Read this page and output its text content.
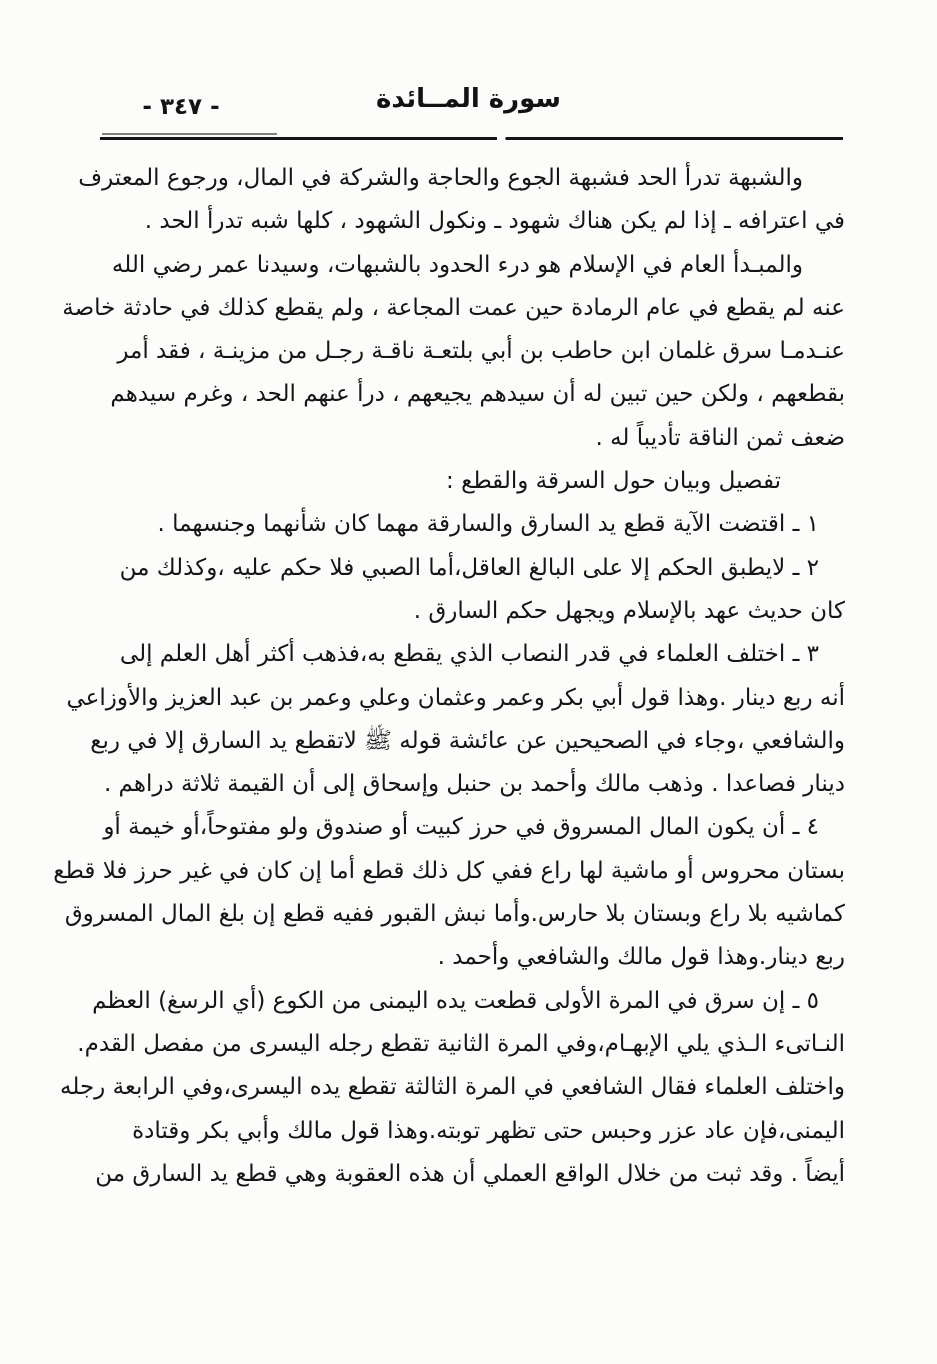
- ٣٤٧ -	سورة المــائدة
والشبهة تدرأ الحد فشبهة الجوع والحاجة والشركة في المال، ورجوع المعترف
في اعترافه ـ إذا لم يكن هناك شهود ـ ونكول الشهود ، كلها شبه تدرأ الحد .
والمبـدأ العام في الإسلام هو درء الحدود بالشبهات، وسيدنا عمر رضي الله
عنه لم يقطع في عام الرمادة حين عمت المجاعة ، ولم يقطع كذلك في حادثة خاصة
عنـدمـا سرق غلمان ابن حاطب بن أبي بلتعـة ناقـة رجـل من مزينـة ، فقد أمر
بقطعهم ، ولكن حين تبين له أن سيدهم يجيعهم ، درأ عنهم الحد ، وغرم سيدهم
ضعف ثمن الناقة تأديباً له .
تفصيل وبيان حول السرقة والقطع :
١ ـ اقتضت الآية قطع يد السارق والسارقة مهما كان شأنهما وجنسهما .
٢ ـ لايطبق الحكم إلا على البالغ العاقل،أما الصبي فلا حكم عليه ،وكذلك من
كان حديث عهد بالإسلام ويجهل حكم السارق .
٣ ـ اختلف العلماء في قدر النصاب الذي يقطع به،فذهب أكثر أهل العلم إلى
أنه ربع دينار .وهذا قول أبي بكر وعمر وعثمان وعلي وعمر بن عبد العزيز والأوزاعي
والشافعي ،وجاء في الصحيحين عن عائشة قوله ﷺ لاتقطع يد السارق إلا في ربع
دينار فصاعدا . وذهب مالك وأحمد بن حنبل وإسحاق إلى أن القيمة ثلاثة دراهم .
٤ ـ أن يكون المال المسروق في حرز كبيت أو صندوق ولو مفتوحاً،أو خيمة أو
بستان محروس أو ماشية لها راع ففي كل ذلك قطع أما إن كان في غير حرز فلا قطع
كماشيه بلا راع وبستان بلا حارس.وأما نبش القبور ففيه قطع إن بلغ المال المسروق
ربع دينار.وهذا قول مالك والشافعي وأحمد .
٥ ـ إن سرق في المرة الأولى قطعت يده اليمنى من الكوع (أي الرسغ) العظم
النـاتىء الـذي يلي الإبهـام،وفي المرة الثانية تقطع رجله اليسرى من مفصل القدم.
واختلف العلماء فقال الشافعي في المرة الثالثة تقطع يده اليسرى،وفي الرابعة رجله
اليمنى،فإن عاد عزر وحبس حتى تظهر توبته.وهذا قول مالك وأبي بكر وقتادة
أيضاً . وقد ثبت من خلال الواقع العملي أن هذه العقوبة وهي قطع يد السارق من
